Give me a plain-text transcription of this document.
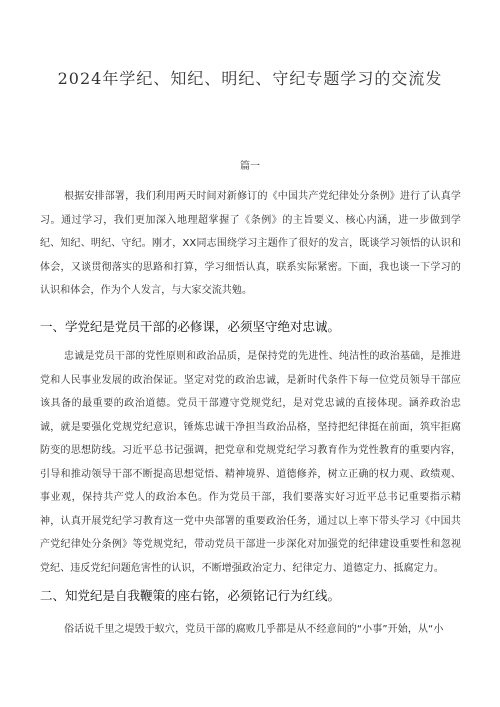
2024年学纪、知纪、明纪、守纪专题学习的交流发
篇一

根据安排部署，我们利用两天时间对新修订的《中国共产党纪律处分条例》进行了认真学习。通过学习，我们更加深入地理超掌握了《条例》的主旨要义、核心内涵，进一步做到学纪、知纪、明纪、守纪。刚才，XX同志围绕学习主题作了很好的发言，既谈学习领悟的认识和体会，又谈贯彻落实的思路和打算，学习细悟认真，联系实际紧密。下面，我也谈一下学习的认识和体会，作为个人发言，与大家交流共勉。

一、学党纪是党员干部的必修课，必须坚守绝对忠诚。

忠诚是党员干部的党性原则和政治品质，是保持党的先进性、纯洁性的政治基础，是推进党和人民事业发展的政治保证。坚定对党的政治忠诚，是新时代条件下每一位党员领导干部应该具备的最重要的政治道德。党员干部遵守党规党纪，是对党忠诚的直接体现。涵养政治忠诚，就是要强化党规党纪意识，锤炼忠诚干净担当政治品格，坚持把纪律挺在前面，筑牢拒腐防变的思想防线。习近平总书记强调，把党章和党规党纪学习教育作为党性教育的重要内容，引导和推动领导干部不断提高思想觉悟、精神境界、道德修养，树立正确的权力观、政绩观、事业观，保持共产党人的政治本色。作为党员干部，我们要落实好习近平总书记重要指示精神，认真开展党纪学习教育这一党中央部署的重要政治任务，通过以上率下带头学习《中国共产党纪律处分条例》等党规党纪，带动党员干部进一步深化对加强党的纪律建设重要性和忽视党纪、违反党纪问题危害性的认识，不断增强政治定力、纪律定力、道德定力、抵腐定力。

二、知党纪是自我鞭策的座右铭，必须铭记行为红线。

俗话说千里之堤毁于蚁穴，党员干部的腐败几乎都是从不经意间的“小事”开始，从“小
